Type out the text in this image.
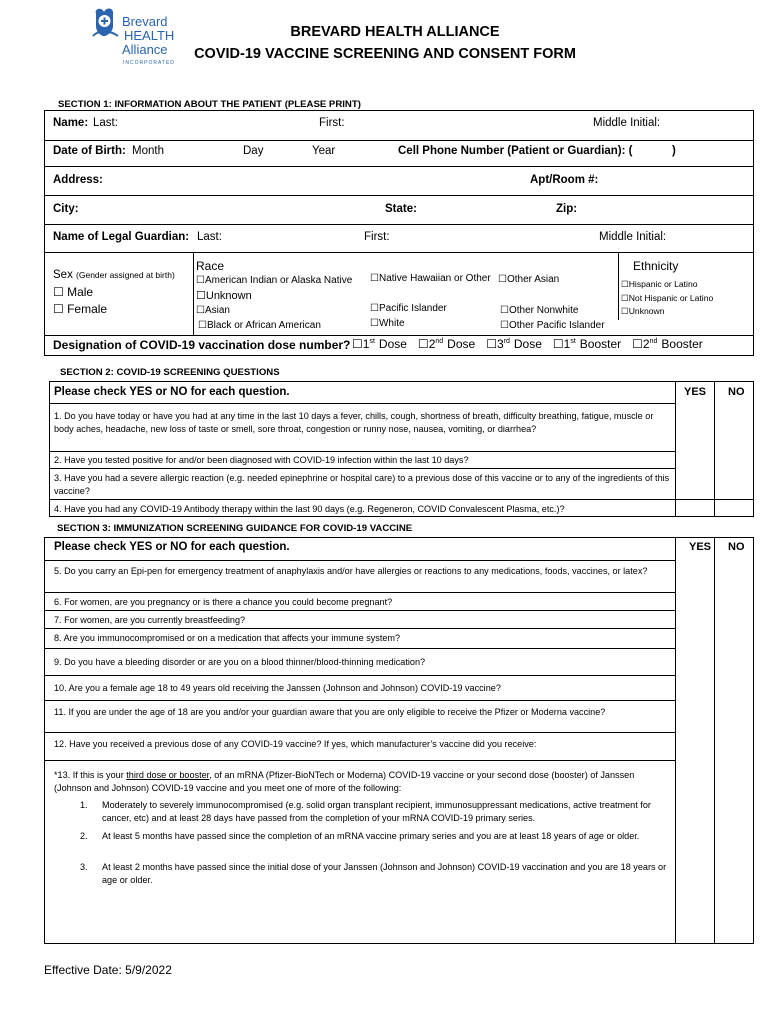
Brevard
HEALTH
Alliance
INCORPORATED
BREVARD HEALTH ALLIANCE
COVID-19 VACCINE SCREENING AND CONSENT FORM
SECTION 1: INFORMATION ABOUT THE PATIENT (PLEASE PRINT)
Name: Last:	First:	Middle Initial:
Date of Birth: Month	Day	Year	Cell Phone Number (Patient or Guardian): (	)
Address:	Apt/Room #:
City:	State:	Zip:
Name of Legal Guardian: Last:	First:	Middle Initial:
Sex (Gender assigned at birth)
☐ Male
☐ Female
Race
☐American Indian or Alaska Native ☐Native Hawaiian or Other ☐Other Asian
☐Unknown
☐Asian	☐Pacific Islander	☐Other Nonwhite
☐Black or African American	☐White	☐Other Pacific Islander
Ethnicity
☐Hispanic or Latino
☐Not Hispanic or Latino
☐Unknown
Designation of COVID-19 vaccination dose number? ☐1st Dose ☐2nd Dose ☐3rd Dose ☐1st Booster ☐2nd Booster
SECTION 2: COVID-19 SCREENING QUESTIONS
Please check YES or NO for each question.	YES NO
1. Do you have today or have you had at any time in the last 10 days a fever, chills, cough, shortness of breath, difficulty breathing, fatigue, muscle or body aches, headache, new loss of taste or smell, sore throat, congestion or runny nose, nausea, vomiting, or diarrhea?
2. Have you tested positive for and/or been diagnosed with COVID-19 infection within the last 10 days?
3. Have you had a severe allergic reaction (e.g. needed epinephrine or hospital care) to a previous dose of this vaccine or to any of the ingredients of this vaccine?
4. Have you had any COVID-19 Antibody therapy within the last 90 days (e.g. Regeneron, COVID Convalescent Plasma, etc.)?
SECTION 3: IMMUNIZATION SCREENING GUIDANCE FOR COVID-19 VACCINE
Please check YES or NO for each question.	YES NO
5. Do you carry an Epi-pen for emergency treatment of anaphylaxis and/or have allergies or reactions to any medications, foods, vaccines, or latex?
6. For women, are you pregnancy or is there a chance you could become pregnant?
7. For women, are you currently breastfeeding?
8. Are you immunocompromised or on a medication that affects your immune system?
9. Do you have a bleeding disorder or are you on a blood thinner/blood-thinning medication?
10. Are you a female age 18 to 49 years old receiving the Janssen (Johnson and Johnson) COVID-19 vaccine?
11. If you are under the age of 18 are you and/or your guardian aware that you are only eligible to receive the Pfizer or Moderna vaccine?
12. Have you received a previous dose of any COVID-19 vaccine? If yes, which manufacturer’s vaccine did you receive:
*13. If this is your third dose or booster, of an mRNA (Pfizer-BioNTech or Moderna) COVID-19 vaccine or your second dose (booster) of Janssen (Johnson and Johnson) COVID-19 vaccine and you meet one of more of the following:
1. Moderately to severely immunocompromised (e.g. solid organ transplant recipient, immunosuppressant medications, active treatment for cancer, etc) and at least 28 days have passed from the completion of your mRNA COVID-19 primary series.
2. At least 5 months have passed since the completion of an mRNA vaccine primary series and you are at least 18 years of age or older.
3. At least 2 months have passed since the initial dose of your Janssen (Johnson and Johnson) COVID-19 vaccination and you are 18 years or age or older.
Effective Date: 5/9/2022
